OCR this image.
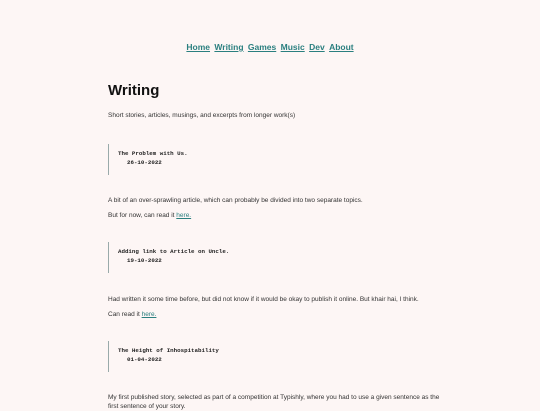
Home Writing Games Music Dev About
Writing

Short stories, articles, musings, and excerpts from longer work(s)

The Problem with Us.
26-10-2022

A bit of an over-sprawling article, which can probably be divided into two separate topics.

But for now, can read it here.

Adding link to Article on Uncle.
19-10-2022

Had written it some time before, but did not know if it would be okay to publish it online. But khair hai, I think.

Can read it here.

The Height of Inhospitability
01-04-2022

My first published story, selected as part of a competition at Typishly, where you had to use a given sentence as the first sentence of your story.
